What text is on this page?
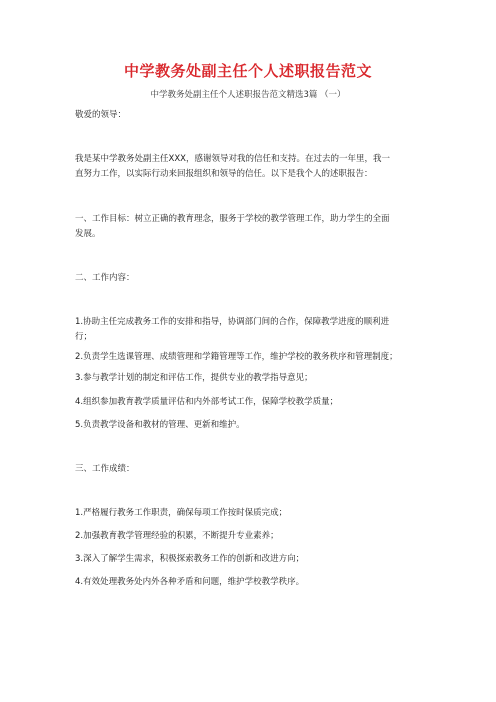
中学教务处副主任个人述职报告范文
中学教务处副主任个人述职报告范文精选3篇 （一）

敬爱的领导：

我是某中学教务处副主任XXX，感谢领导对我的信任和支持。在过去的一年里，我一
直努力工作，以实际行动来回报组织和领导的信任。以下是我个人的述职报告：

一、工作目标：树立正确的教育理念，服务于学校的教学管理工作，助力学生的全面
发展。

二、工作内容：

1.协助主任完成教务工作的安排和指导，协调部门间的合作，保障教学进度的顺利进
行；

2.负责学生选课管理、成绩管理和学籍管理等工作，维护学校的教务秩序和管理制度；

3.参与教学计划的制定和评估工作，提供专业的教学指导意见；

4.组织参加教育教学质量评估和内外部考试工作，保障学校教学质量；

5.负责教学设备和教材的管理、更新和维护。

三、工作成绩：

1.严格履行教务工作职责，确保每项工作按时保质完成；

2.加强教育教学管理经验的积累，不断提升专业素养；

3.深入了解学生需求，积极探索教务工作的创新和改进方向；

4.有效处理教务处内外各种矛盾和问题，维护学校教学秩序。
